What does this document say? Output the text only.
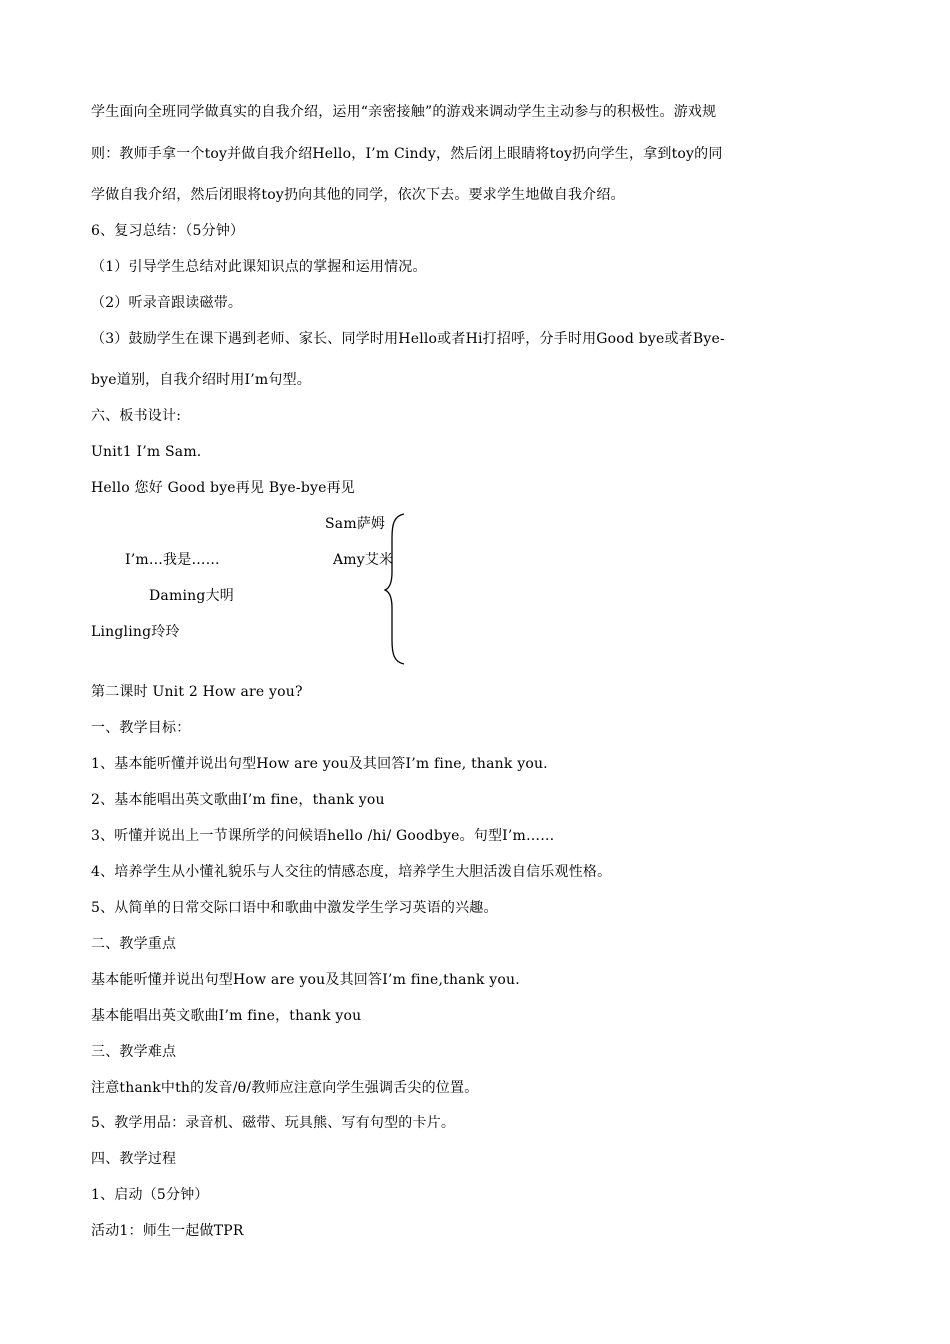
学生面向全班同学做真实的自我介绍，运用“亲密接触”的游戏来调动学生主动参与的积极性。游戏规
则：教师手拿一个toy并做自我介绍Hello，I’m Cindy，然后闭上眼睛将toy扔向学生，拿到toy的同
学做自我介绍，然后闭眼将toy扔向其他的同学，依次下去。要求学生地做自我介绍。
6、复习总结：（5分钟）
（1）引导学生总结对此课知识点的掌握和运用情况。
（2）听录音跟读磁带。
（3）鼓励学生在课下遇到老师、家长、同学时用Hello或者Hi打招呼，分手时用Good bye或者Bye-
bye道别，自我介绍时用I’m句型。
六、板书设计:
Unit1 I’m Sam.
Hello 您好 Good bye再见 Bye-bye再见
Sam萨姆
I’m…我是……	Amy艾米
Daming大明
Lingling玲玲
第二课时 Unit 2 How are you?
一、教学目标：
1、基本能听懂并说出句型How are you及其回答I’m fine, thank you.
2、基本能唱出英文歌曲I’m fine，thank you
3、听懂并说出上一节课所学的问候语hello /hi/ Goodbye。句型I’m……
4、培养学生从小懂礼貌乐与人交往的情感态度，培养学生大胆活泼自信乐观性格。
5、从简单的日常交际口语中和歌曲中激发学生学习英语的兴趣。
二、教学重点
基本能听懂并说出句型How are you及其回答I’m fine,thank you.
基本能唱出英文歌曲I’m fine，thank you
三、教学难点
注意thank中th的发音/θ/教师应注意向学生强调舌尖的位置。
5、教学用品：录音机、磁带、玩具熊、写有句型的卡片。
四、教学过程
1、启动（5分钟）
活动1：师生一起做TPR
